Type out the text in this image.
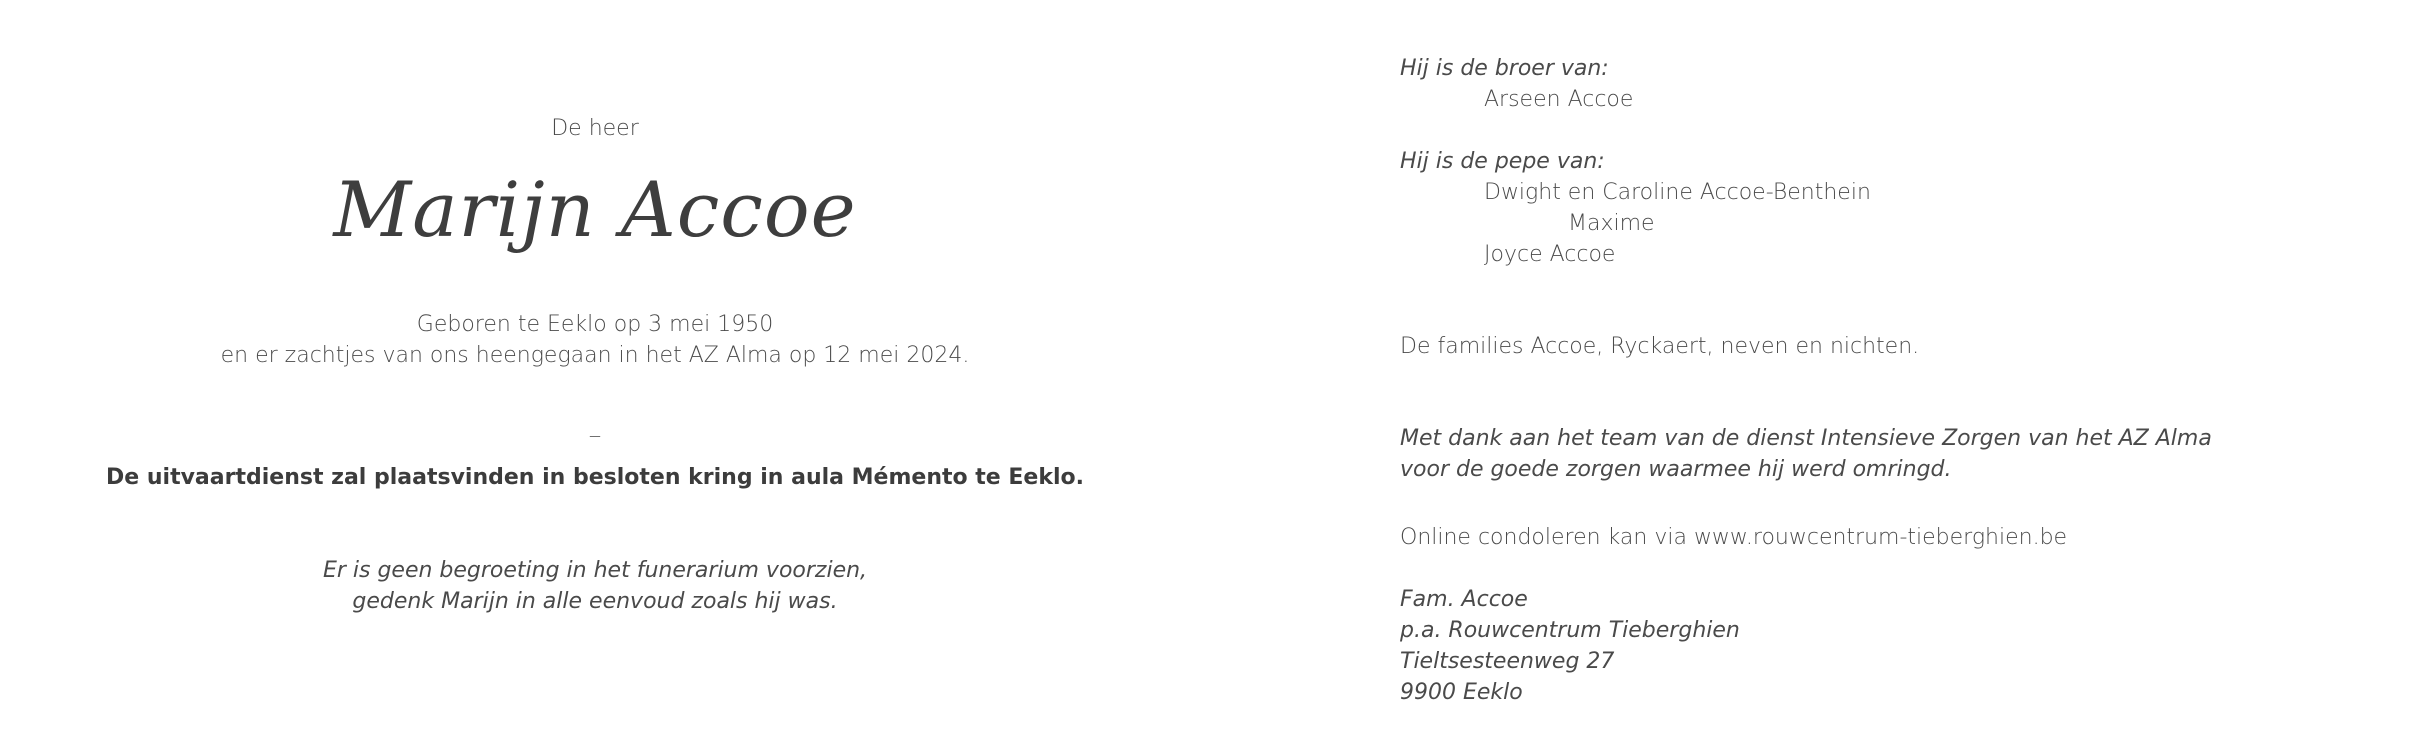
De heer
Marijn Accoe
Geboren te Eeklo op 3 mei 1950
en er zachtjes van ons heengegaan in het AZ Alma op 12 mei 2024.
_
De uitvaartdienst zal plaatsvinden in besloten kring in aula Mémento te Eeklo.
Er is geen begroeting in het funerarium voorzien,
gedenk Marijn in alle eenvoud zoals hij was.
Hij is de broer van:
Arseen Accoe
Hij is de pepe van:
Dwight en Caroline Accoe-Benthein
Maxime
Joyce Accoe
De families Accoe, Ryckaert, neven en nichten.
Met dank aan het team van de dienst Intensieve Zorgen van het AZ Alma
voor de goede zorgen waarmee hij werd omringd.
Online condoleren kan via www.rouwcentrum-tieberghien.be
Fam. Accoe
p.a. Rouwcentrum Tieberghien
Tieltsesteenweg 27
9900 Eeklo
